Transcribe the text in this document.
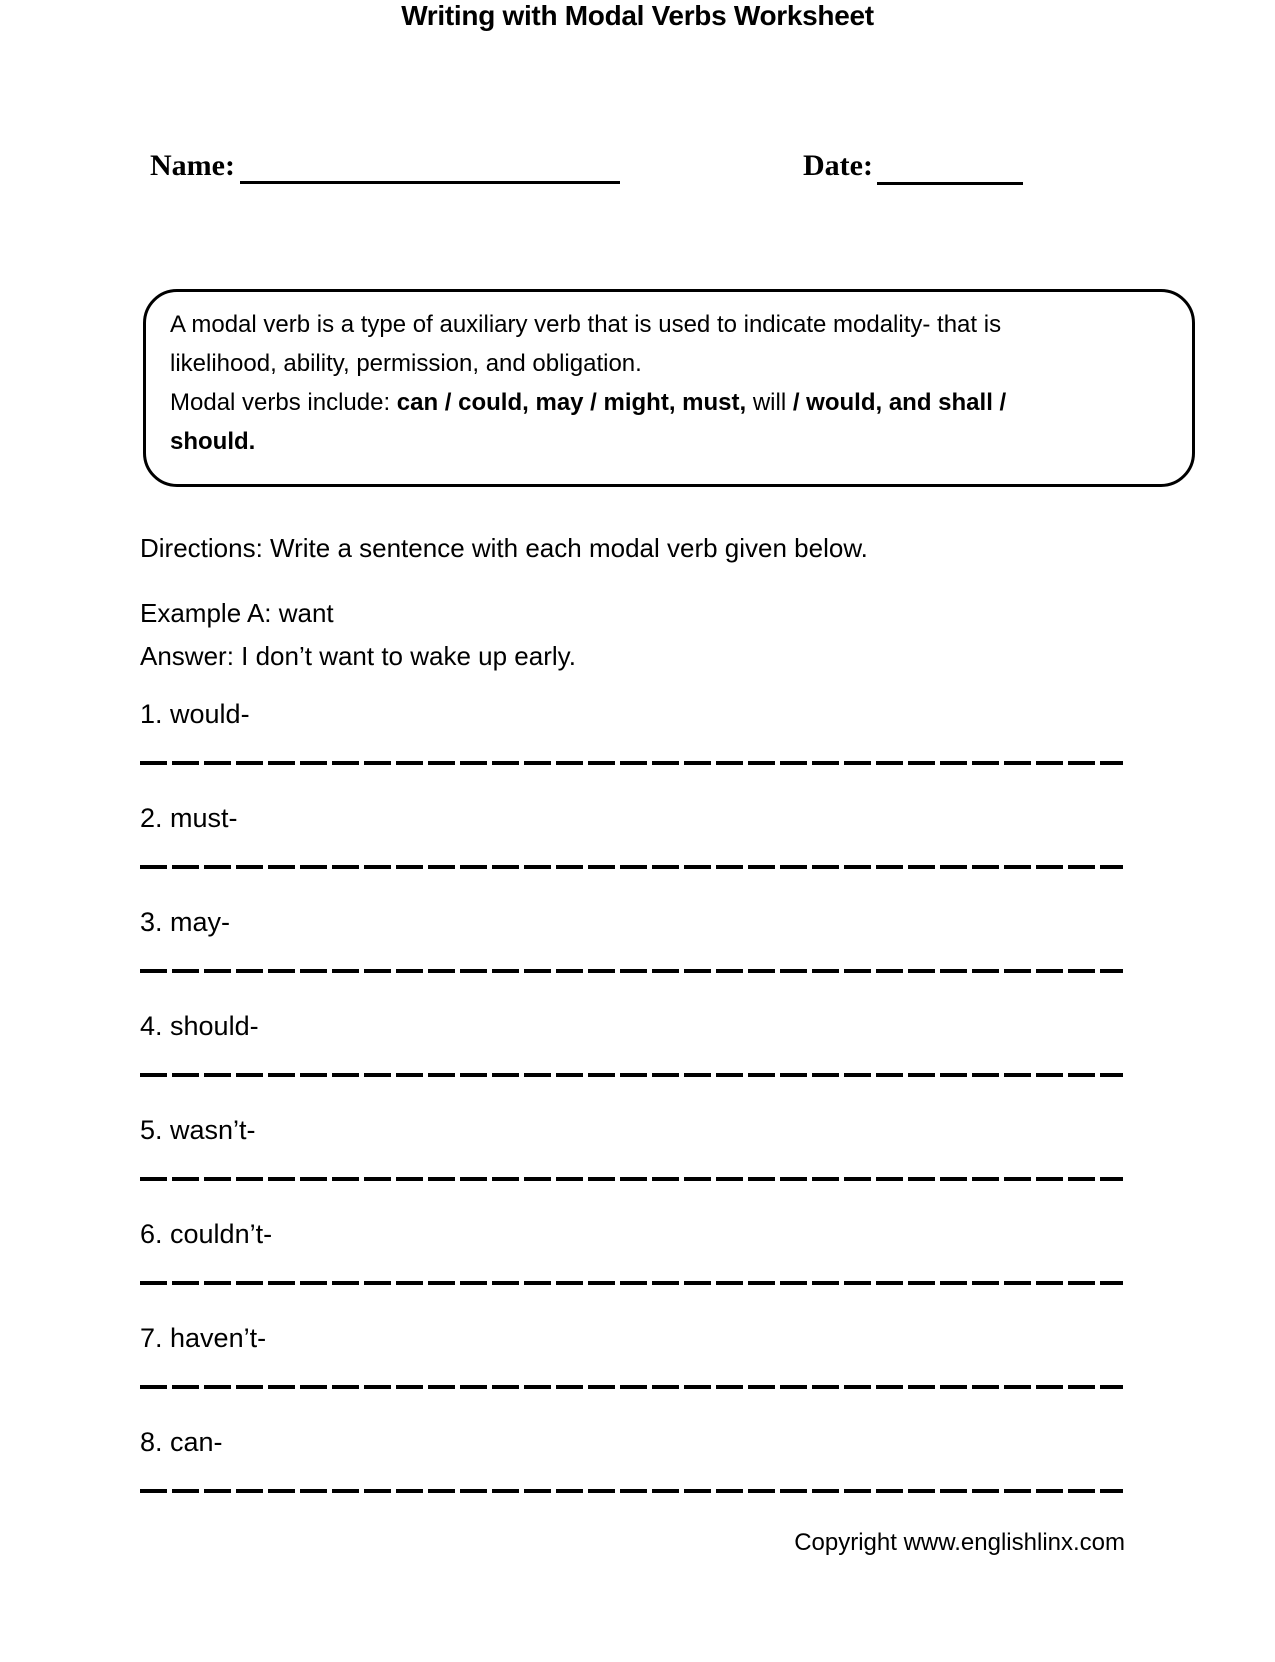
Name:	Date:
Writing with Modal Verbs Worksheet
A modal verb is a type of auxiliary verb that is used to indicate modality- that is
likelihood, ability, permission, and obligation.
Modal verbs include: can / could, may / might, must, will / would, and shall /
should.
Directions: Write a sentence with each modal verb given below.
Example A: want
Answer: I don’t want to wake up early.
1. would-
2. must-
3. may-
4. should-
5. wasn’t-
6. couldn’t-
7. haven’t-
8. can-
Copyright www.englishlinx.com
